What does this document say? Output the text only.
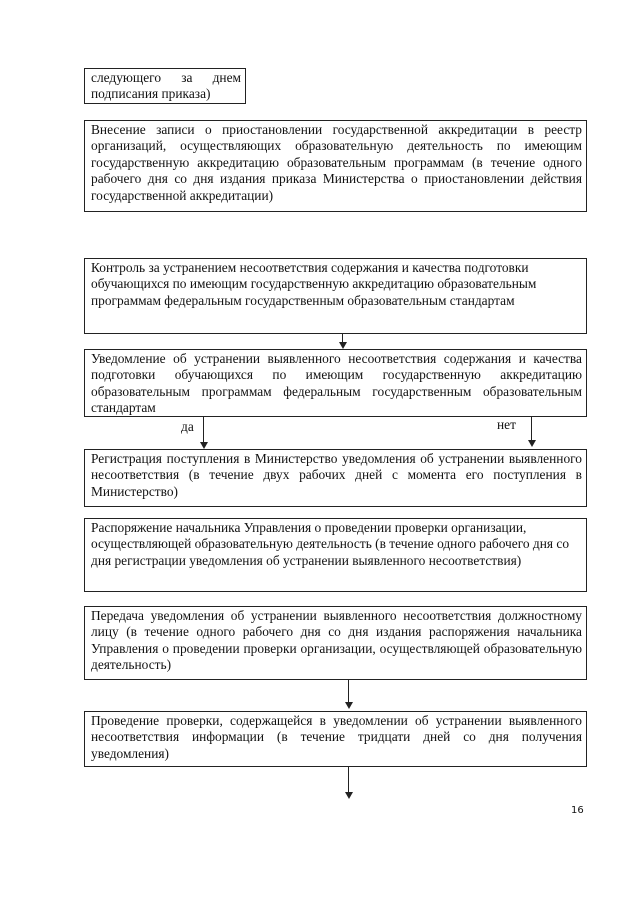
следующего за днем подписания приказа)
Внесение записи о приостановлении государственной аккредитации в реестр организаций, осуществляющих образовательную деятельность по имеющим государственную аккредитацию образовательным программам (в течение одного рабочего дня со дня издания приказа Министерства о приостановлении действия государственной аккредитации)
Контроль за устранением несоответствия содержания и качества подготовки обучающихся по имеющим государственную аккредитацию образовательным программам федеральным государственным образовательным стандартам
Уведомление об устранении выявленного несоответствия содержания и качества подготовки обучающихся по имеющим государственную аккредитацию образовательным программам федеральным государственным образовательным стандартам
да	нет
Регистрация поступления в Министерство уведомления об устранении выявленного несоответствия (в течение двух рабочих дней с момента его поступления в Министерство)
Распоряжение начальника Управления о проведении проверки организации, осуществляющей образовательную деятельность (в течение одного рабочего дня со дня регистрации уведомления об устранении выявленного несоответствия)
Передача уведомления об устранении выявленного несоответствия должностному лицу (в течение одного рабочего дня со дня издания распоряжения начальника Управления о проведении проверки организации, осуществляющей образовательную деятельность)
Проведение проверки, содержащейся в уведомлении об устранении выявленного несоответствия информации (в течение тридцати дней со дня получения уведомления)
16
